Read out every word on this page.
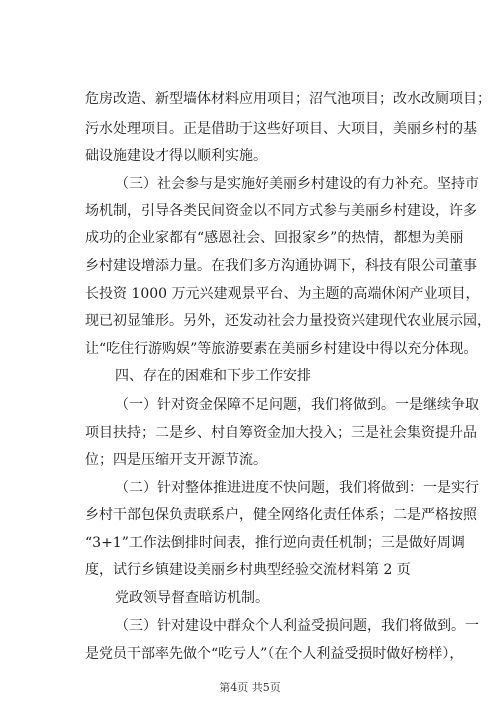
危房改造、新型墙体材料应用项目；沼气池项目；改水改厕项目；
污水处理项目。正是借助于这些好项目、大项目，美丽乡村的基
础设施建设才得以顺利实施。
（三）社会参与是实施好美丽乡村建设的有力补充。坚持市
场机制，引导各类民间资金以不同方式参与美丽乡村建设，许多
成功的企业家都有“感恩社会、回报家乡”的热情，都想为美丽
乡村建设增添力量。在我们多方沟通协调下，科技有限公司董事
长投资 1000 万元兴建观景平台、为主题的高端休闲产业项目，
现已初显雏形。另外，还发动社会力量投资兴建现代农业展示园，
让“吃住行游购娱”等旅游要素在美丽乡村建设中得以充分体现。
四、存在的困难和下步工作安排
（一）针对资金保障不足问题，我们将做到。一是继续争取
项目扶持；二是乡、村自筹资金加大投入；三是社会集资提升品
位；四是压缩开支开源节流。
（二）针对整体推进进度不快问题，我们将做到：一是实行
乡村干部包保负责联系户，健全网络化责任体系；二是严格按照
“3+1”工作法倒排时间表，推行逆向责任机制；三是做好周调
度，试行乡镇建设美丽乡村典型经验交流材料第 2 页
党政领导督查暗访机制。
（三）针对建设中群众个人利益受损问题，我们将做到。一
是党员干部率先做个“吃亏人”（在个人利益受损时做好榜样），
第4页 共5页
